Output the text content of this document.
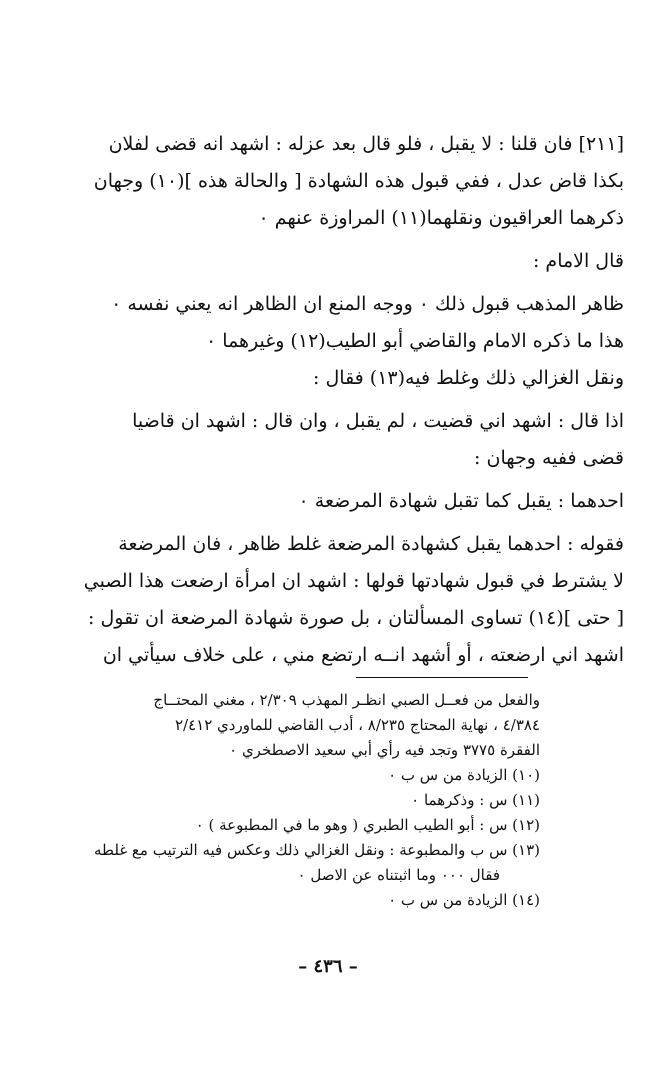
[٢١١] فان قلنا : لا يقبل ، فلو قال بعد عزله : اشهد انه قضى لفلان
بكذا قاض عدل ، ففي قبول هذه الشهادة [ والحالة هذه ](١٠) وجهان
ذكرهما العراقيون ونقلهما(١١) المراوزة عنهم ٠
قال الامام :
ظاهر المذهب قبول ذلك ٠ ووجه المنع ان الظاهر انه يعني نفسه ٠
هذا ما ذكره الامام والقاضي أبو الطيب(١٢) وغيرهما ٠
ونقل الغزالي ذلك وغلط فيه(١٣) فقال :
اذا قال : اشهد اني قضيت ، لم يقبل ، وان قال : اشهد ان قاضيا
قضى ففيه وجهان :
احدهما : يقبل كما تقبل شهادة المرضعة ٠
فقوله : احدهما يقبل كشهادة المرضعة غلط ظاهر ، فان المرضعة
لا يشترط في قبول شهادتها قولها : اشهد ان امرأة ارضعت هذا الصبي
[ حتى ](١٤) تساوى المسألتان ، بل صورة شهادة المرضعة ان تقول :
اشهد اني ارضعته ، أو أشهد انــه ارتضع مني ، على خلاف سيأتي ان
والفعل من فعــل الصبي انظـر المهذب ٢/٣٠٩ ، مغني المحتــاج
٤/٣٨٤ ، نهاية المحتاج ٨/٢٣٥ ، أدب القاضي للماوردي ٢/٤١٢
الفقرة ٣٧٧٥ وتجد فيه رأي أبي سعيد الاصطخري ٠
(١٠) الزيادة من س ب ٠
(١١) س : وذكرهما ٠
(١٢) س : أبو الطيب الطبري ( وهو ما في المطبوعة ) ٠
(١٣) س ب والمطبوعة : ونقل الغزالي ذلك وعكس فيه الترتيب مع غلطه
فقال ٠٠٠ وما اثبتناه عن الاصل ٠
(١٤) الزيادة من س ب ٠
– ٤٣٦ –
